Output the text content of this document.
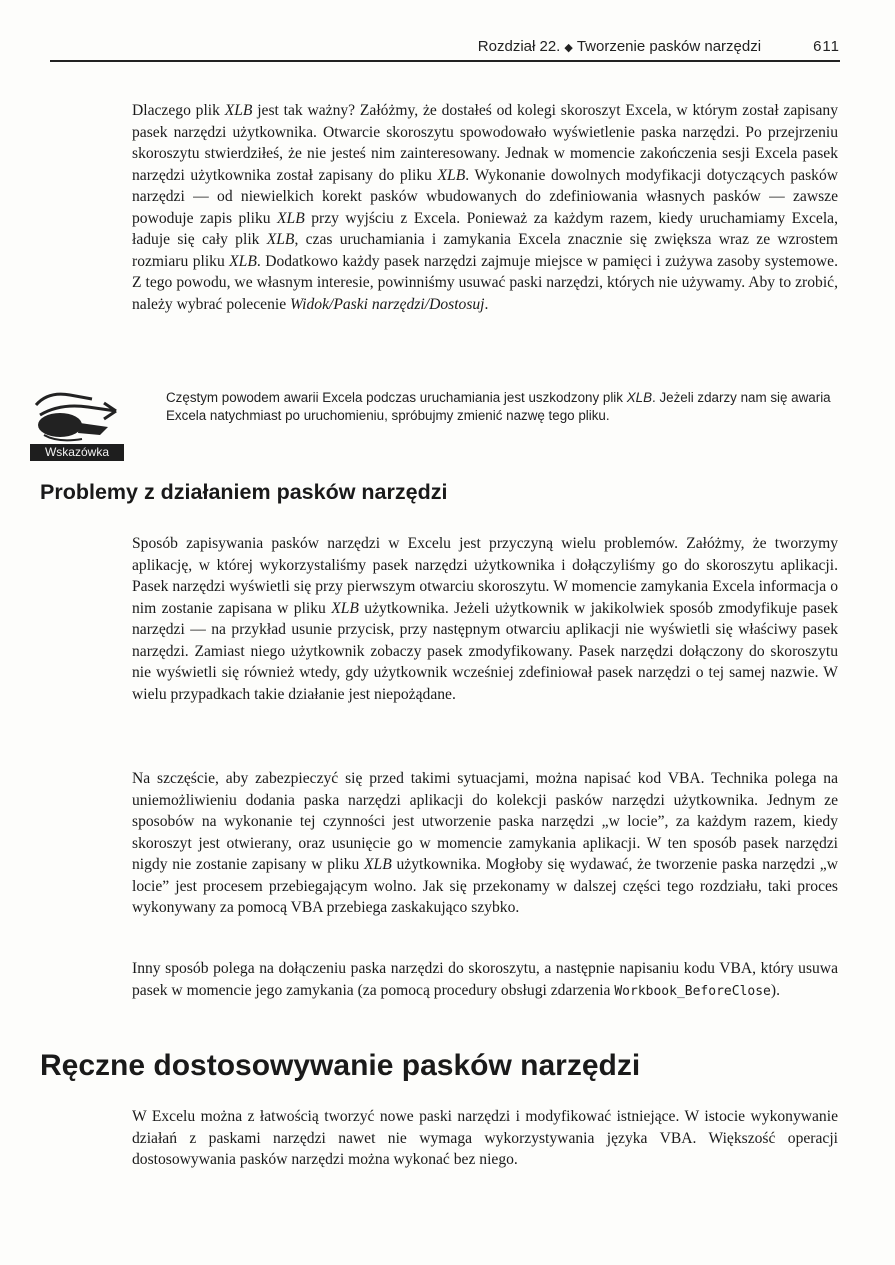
Rozdział 22. ◆ Tworzenie pasków narzędzi	611

Dlaczego plik XLB jest tak ważny? Załóżmy, że dostałeś od kolegi skoroszyt Excela, w którym został zapisany pasek narzędzi użytkownika. Otwarcie skoroszytu spowodowało wyświetlenie paska narzędzi. Po przejrzeniu skoroszytu stwierdziłeś, że nie jesteś nim zainteresowany. Jednak w momencie zakończenia sesji Excela pasek narzędzi użytkownika został zapisany do pliku XLB. Wykonanie dowolnych modyfikacji dotyczących pasków narzędzi — od niewielkich korekt pasków wbudowanych do zdefiniowania własnych pasków — zawsze powoduje zapis pliku XLB przy wyjściu z Excela. Ponieważ za każdym razem, kiedy uruchamiamy Excela, ładuje się cały plik XLB, czas uruchamiania i zamykania Excela znacznie się zwiększa wraz ze wzrostem rozmiaru pliku XLB. Dodatkowo każdy pasek narzędzi zajmuje miejsce w pamięci i zużywa zasoby systemowe. Z tego powodu, we własnym interesie, powinniśmy usuwać paski narzędzi, których nie używamy. Aby to zrobić, należy wybrać polecenie Widok/Paski narzędzi/Dostosuj.

Wskazówka

Częstym powodem awarii Excela podczas uruchamiania jest uszkodzony plik XLB. Jeżeli zdarzy nam się awaria Excela natychmiast po uruchomieniu, spróbujmy zmienić nazwę tego pliku.

Problemy z działaniem pasków narzędzi

Sposób zapisywania pasków narzędzi w Excelu jest przyczyną wielu problemów. Załóżmy, że tworzymy aplikację, w której wykorzystaliśmy pasek narzędzi użytkownika i dołączyliśmy go do skoroszytu aplikacji. Pasek narzędzi wyświetli się przy pierwszym otwarciu skoroszytu. W momencie zamykania Excela informacja o nim zostanie zapisana w pliku XLB użytkownika. Jeżeli użytkownik w jakikolwiek sposób zmodyfikuje pasek narzędzi — na przykład usunie przycisk, przy następnym otwarciu aplikacji nie wyświetli się właściwy pasek narzędzi. Zamiast niego użytkownik zobaczy pasek zmodyfikowany. Pasek narzędzi dołączony do skoroszytu nie wyświetli się również wtedy, gdy użytkownik wcześniej zdefiniował pasek narzędzi o tej samej nazwie. W wielu przypadkach takie działanie jest niepożądane.

Na szczęście, aby zabezpieczyć się przed takimi sytuacjami, można napisać kod VBA. Technika polega na uniemożliwieniu dodania paska narzędzi aplikacji do kolekcji pasków narzędzi użytkownika. Jednym ze sposobów na wykonanie tej czynności jest utworzenie paska narzędzi „w locie”, za każdym razem, kiedy skoroszyt jest otwierany, oraz usunięcie go w momencie zamykania aplikacji. W ten sposób pasek narzędzi nigdy nie zostanie zapisany w pliku XLB użytkownika. Mogłoby się wydawać, że tworzenie paska narzędzi „w locie” jest procesem przebiegającym wolno. Jak się przekonamy w dalszej części tego rozdziału, taki proces wykonywany za pomocą VBA przebiega zaskakująco szybko.

Inny sposób polega na dołączeniu paska narzędzi do skoroszytu, a następnie napisaniu kodu VBA, który usuwa pasek w momencie jego zamykania (za pomocą procedury obsługi zdarzenia Workbook_BeforeClose).

Ręczne dostosowywanie pasków narzędzi

W Excelu można z łatwością tworzyć nowe paski narzędzi i modyfikować istniejące. W istocie wykonywanie działań z paskami narzędzi nawet nie wymaga wykorzystywania języka VBA. Większość operacji dostosowywania pasków narzędzi można wykonać bez niego.
